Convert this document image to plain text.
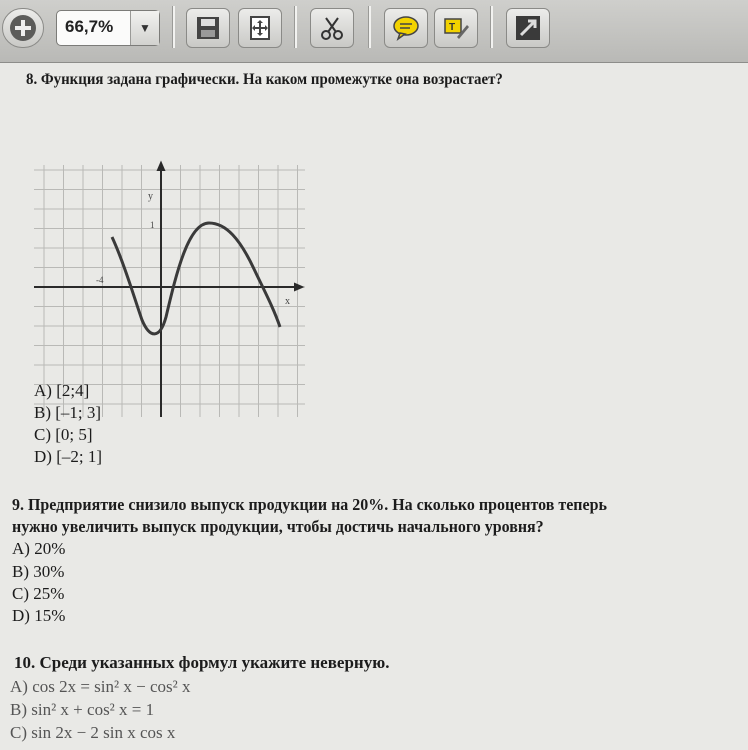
66,7% ▼	T
8. Функция задана графически. На каком промежутке она возрастает?
x
y
1
-4
A) [2;4]
B) [–1; 3]
C) [0; 5]
D) [–2; 1]
9. Предприятие снизило выпуск продукции на 20%. На сколько процентов теперь
нужно увеличить выпуск продукции, чтобы достичь начального уровня?
A) 20%
B) 30%
C) 25%
D) 15%
10. Среди указанных формул укажите неверную.
A) cos 2x = sin² x − cos² x
B) sin² x + cos² x = 1
C) sin 2x − 2 sin x cos x
